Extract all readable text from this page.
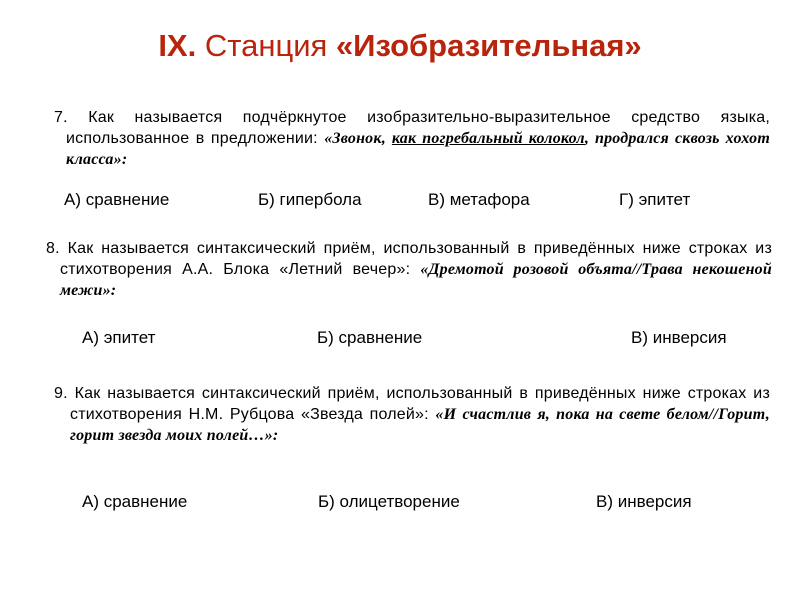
IX. Станция «Изобразительная»
7. Как называется подчёркнутое изобразительно-выразительное средство языка, использованное в предложении: «Звонок, как погребальный колокол, продрался сквозь хохот класса»:
А) сравнение	Б) гипербола	В) метафора	Г) эпитет
8. Как называется синтаксический приём, использованный в приведённых ниже строках из стихотворения А.А. Блока «Летний вечер»: «Дремотой розовой объята//Трава некошеной межи»:
А) эпитет	Б) сравнение	В) инверсия
9. Как называется синтаксический приём, использованный в приведённых ниже строках из стихотворения Н.М. Рубцова «Звезда полей»: «И счастлив я, пока на свете белом//Горит, горит звезда моих полей…»:
А) сравнение	Б) олицетворение	В) инверсия
